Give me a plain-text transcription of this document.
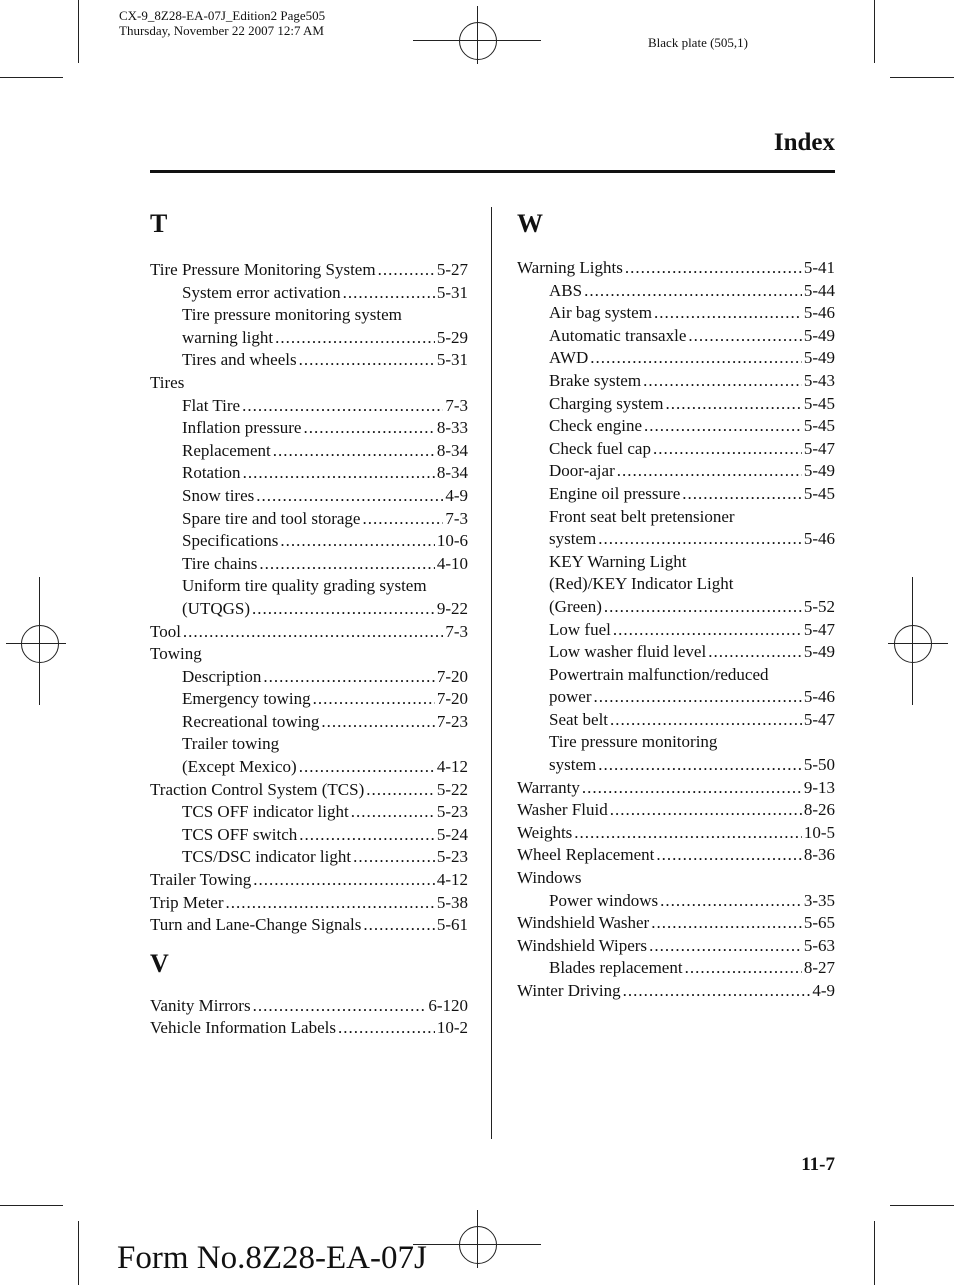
CX-9_8Z28-EA-07J_Edition2 Page505
Thursday, November 22 2007 12:7 AM
Black plate (505,1)
Index
T
Tire Pressure Monitoring System .....	5-27
System error activation .....	5-31
Tire pressure monitoring system
warning light .....	5-29
Tires and wheels .....	5-31
Tires
Flat Tire .....	7-3
Inflation pressure .....	8-33
Replacement .....	8-34
Rotation .....	8-34
Snow tires .....	4-9
Spare tire and tool storage .....	7-3
Specifications .....	10-6
Tire chains .....	4-10
Uniform tire quality grading system
(UTQGS) .....	9-22
Tool .....	7-3
Towing
Description .....	7-20
Emergency towing .....	7-20
Recreational towing .....	7-23
Trailer towing
(Except Mexico) .....	4-12
Traction Control System (TCS) .....	5-22
TCS OFF indicator light .....	5-23
TCS OFF switch .....	5-24
TCS/DSC indicator light .....	5-23
Trailer Towing .....	4-12
Trip Meter .....	5-38
Turn and Lane-Change Signals .....	5-61
V
Vanity Mirrors .....	6-120
Vehicle Information Labels .....	10-2
W
Warning Lights .....	5-41
ABS .....	5-44
Air bag system .....	5-46
Automatic transaxle .....	5-49
AWD .....	5-49
Brake system .....	5-43
Charging system .....	5-45
Check engine .....	5-45
Check fuel cap .....	5-47
Door-ajar .....	5-49
Engine oil pressure .....	5-45
Front seat belt pretensioner
system .....	5-46
KEY Warning Light
(Red)/KEY Indicator Light
(Green) .....	5-52
Low fuel .....	5-47
Low washer fluid level .....	5-49
Powertrain malfunction/reduced
power .....	5-46
Seat belt .....	5-47
Tire pressure monitoring
system .....	5-50
Warranty .....	9-13
Washer Fluid .....	8-26
Weights .....	10-5
Wheel Replacement .....	8-36
Windows
Power windows .....	3-35
Windshield Washer .....	5-65
Windshield Wipers .....	5-63
Blades replacement .....	8-27
Winter Driving .....	4-9
11-7
Form No.8Z28-EA-07J
